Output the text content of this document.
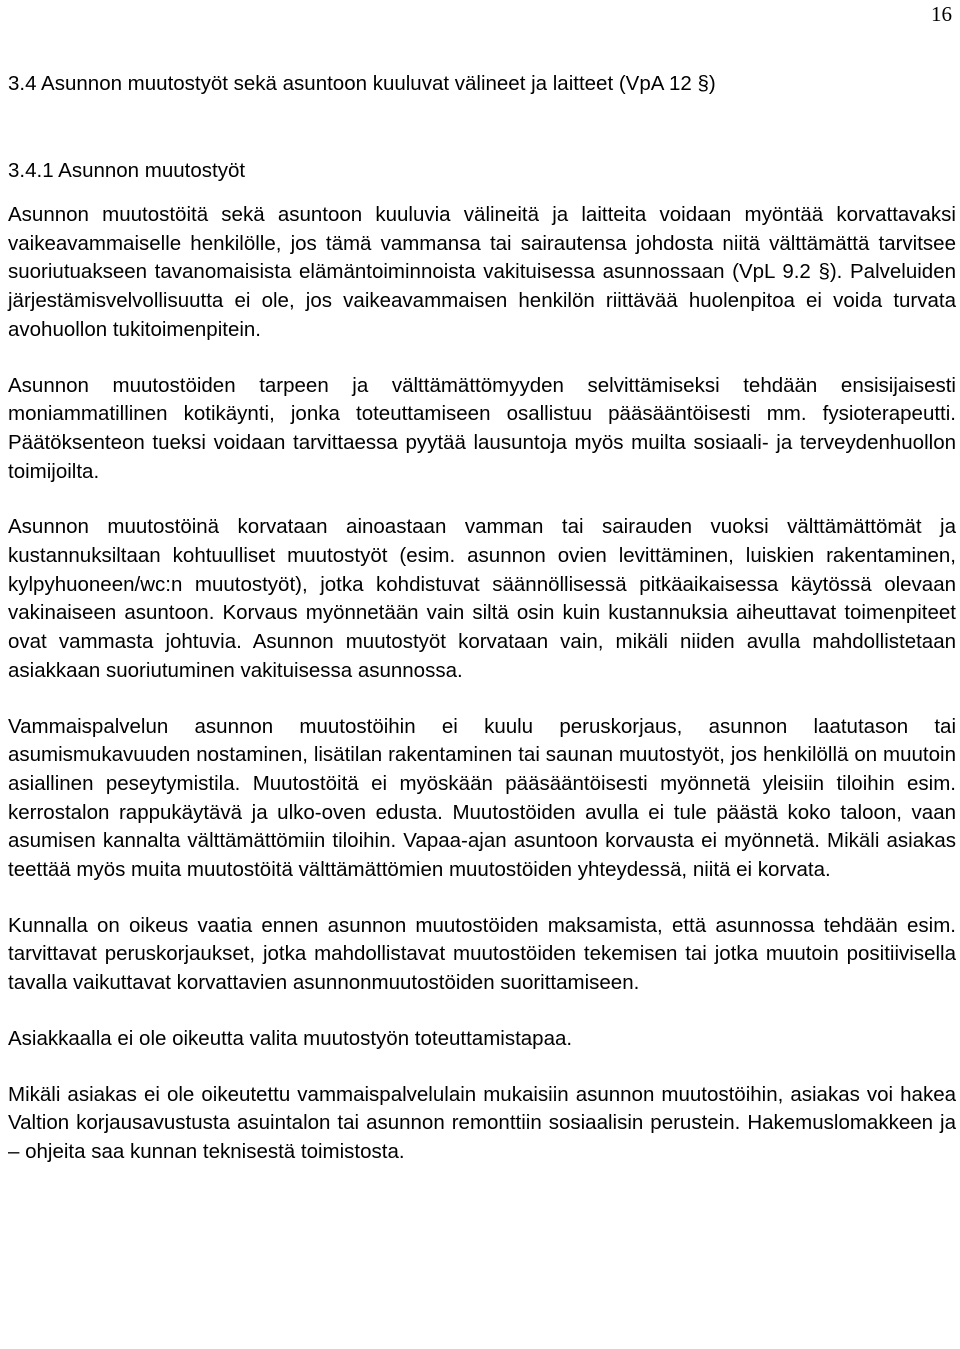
16
3.4 Asunnon muutostyöt sekä asuntoon kuuluvat välineet ja laitteet (VpA 12 §)
3.4.1 Asunnon muutostyöt

Asunnon muutostöitä sekä asuntoon kuuluvia välineitä ja laitteita voidaan myöntää korvattavaksi vaikeavammaiselle henkilölle, jos tämä vammansa tai sairautensa johdosta niitä välttämättä tarvitsee suoriutuakseen tavanomaisista elämäntoiminnoista vakituisessa asunnossaan (VpL 9.2 §). Palveluiden järjestämisvelvollisuutta ei ole, jos vaikeavammaisen henkilön riittävää huolenpitoa ei voida turvata avohuollon tukitoimenpitein.

Asunnon muutostöiden tarpeen ja välttämättömyyden selvittämiseksi tehdään ensisijaisesti moniammatillinen kotikäynti, jonka toteuttamiseen osallistuu pääsääntöisesti mm. fysioterapeutti. Päätöksenteon tueksi voidaan tarvittaessa pyytää lausuntoja myös muilta sosiaali- ja terveydenhuollon toimijoilta.

Asunnon muutostöinä korvataan ainoastaan vamman tai sairauden vuoksi välttämättömät ja kustannuksiltaan kohtuulliset muutostyöt (esim. asunnon ovien levittäminen, luiskien rakentaminen, kylpyhuoneen/wc:n muutostyöt), jotka kohdistuvat säännöllisessä pitkäaikaisessa käytössä olevaan vakinaiseen asuntoon. Korvaus myönnetään vain siltä osin kuin kustannuksia aiheuttavat toimenpiteet ovat vammasta johtuvia. Asunnon muutostyöt korvataan vain, mikäli niiden avulla mahdollistetaan asiakkaan suoriutuminen vakituisessa asunnossa.

Vammaispalvelun asunnon muutostöihin ei kuulu peruskorjaus, asunnon laatutason tai asumismukavuuden nostaminen, lisätilan rakentaminen tai saunan muutostyöt, jos henkilöllä on muutoin asiallinen peseytymistila. Muutostöitä ei myöskään pääsääntöisesti myönnetä yleisiin tiloihin esim. kerrostalon rappukäytävä ja ulko-oven edusta. Muutostöiden avulla ei tule päästä koko taloon, vaan asumisen kannalta välttämättömiin tiloihin. Vapaa-ajan asuntoon korvausta ei myönnetä. Mikäli asiakas teettää myös muita muutostöitä välttämättömien muutostöiden yhteydessä, niitä ei korvata.

Kunnalla on oikeus vaatia ennen asunnon muutostöiden maksamista, että asunnossa tehdään esim. tarvittavat peruskorjaukset, jotka mahdollistavat muutostöiden tekemisen tai jotka muutoin positiivisella tavalla vaikuttavat korvattavien asunnonmuutostöiden suorittamiseen.

Asiakkaalla ei ole oikeutta valita muutostyön toteuttamistapaa.

Mikäli asiakas ei ole oikeutettu vammaispalvelulain mukaisiin asunnon muutostöihin, asiakas voi hakea Valtion korjausavustusta asuintalon tai asunnon remonttiin sosiaalisin perustein. Hakemuslomakkeen ja – ohjeita saa kunnan teknisestä toimistosta.
